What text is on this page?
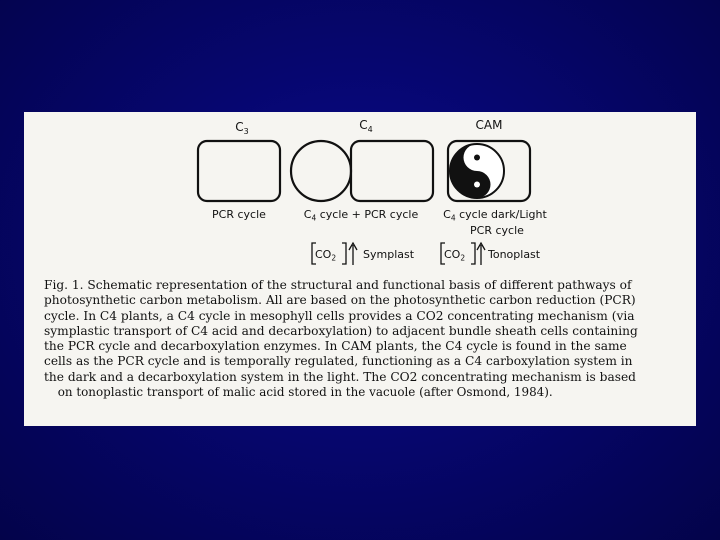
$C_3$	$C_4$	CAM
PCR cycle	$C_4$ cycle + PCR cycle $C_4$ cycle dark/Light
PCR cycle
$CO_2$ Symplast	$CO_2$ Tonoplast

Fig. 1. Schematic representation of the structural and functional basis of different pathways of
photosynthetic carbon metabolism. All are based on the photosynthetic carbon reduction (PCR)
cycle. In C4 plants, a C4 cycle in mesophyll cells provides a CO2 concentrating mechanism (via
symplastic transport of C4 acid and decarboxylation) to adjacent bundle sheath cells containing
the PCR cycle and decarboxylation enzymes. In CAM plants, the C4 cycle is found in the same
cells as the PCR cycle and is temporally regulated, functioning as a C4 carboxylation system in
the dark and a decarboxylation system in the light. The CO2 concentrating mechanism is based
on tonoplastic transport of malic acid stored in the vacuole (after Osmond, 1984).
